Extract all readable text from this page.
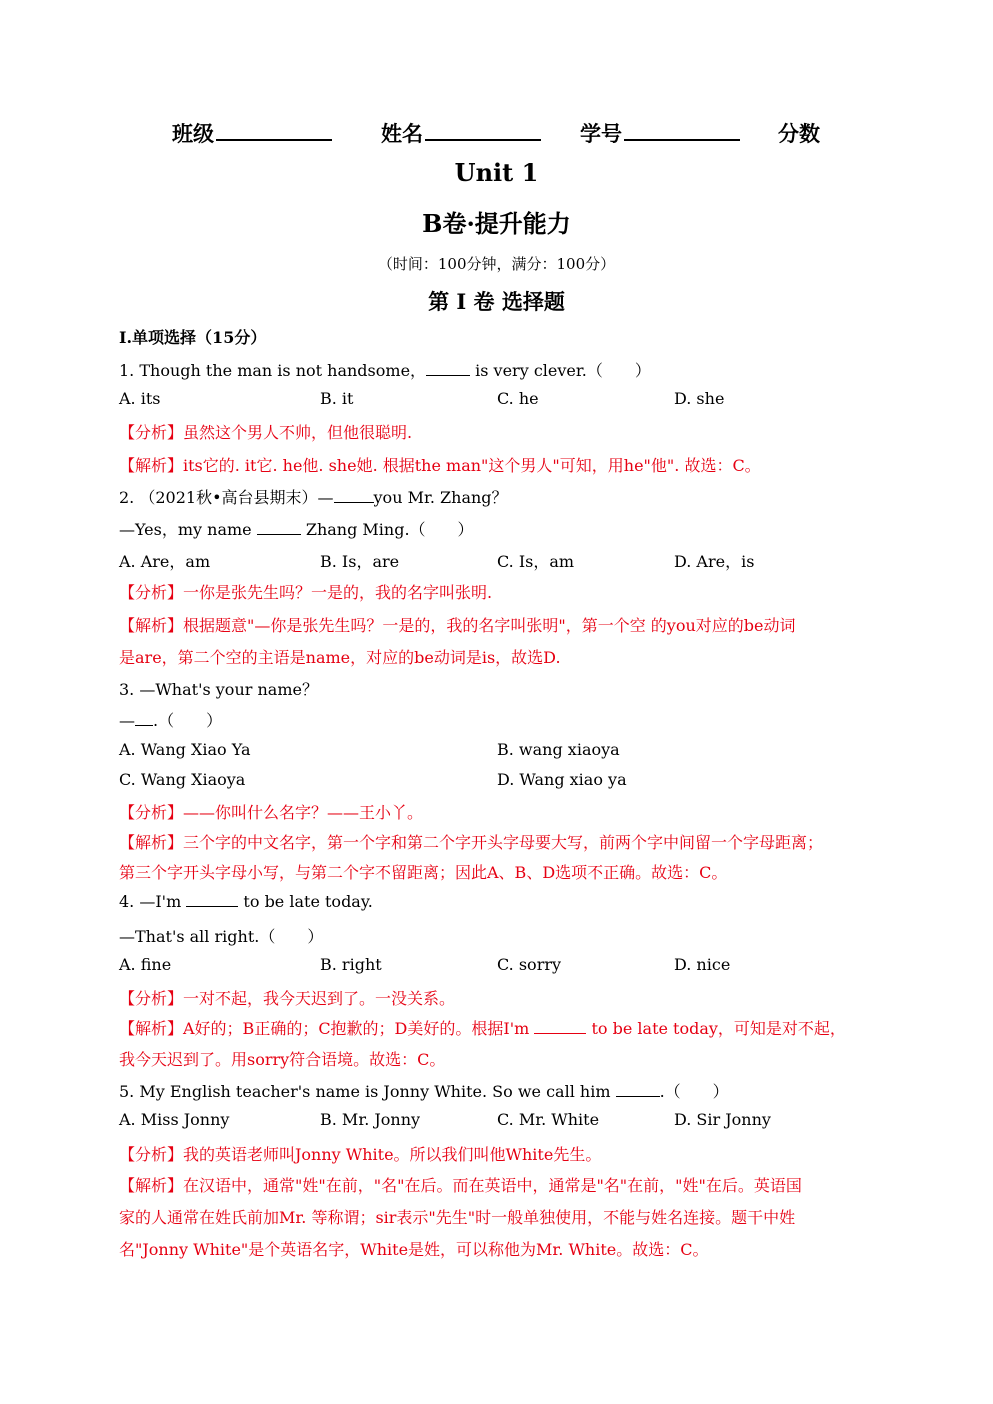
班级	姓名	学号	分数
Unit 1
B卷·提升能力
（时间：100分钟，满分：100分）
第 I 卷 选择题
I.单项选择（15分）
1. Though the man is not handsome，	is very clever.（　　）
A. its	B. it	C. he	D. she
【分析】虽然这个男人不帅，但他很聪明.
【解析】its它的. it它. he他. she她. 根据the man"这个男人"可知，用he"他". 故选：C。
2. （2021秋•高台县期末）—	you Mr. Zhang？
—Yes，my name	Zhang Ming.（　　）
A. Are，am	B. Is，are	C. Is，am	D. Are，is
【分析】一你是张先生吗？一是的，我的名字叫张明.
【解析】根据题意"—你是张先生吗？一是的，我的名字叫张明"，第一个空 的you对应的be动词
是are，第二个空的主语是name，对应的be动词是is，故选D.
3. —What's your name？
— .（　　）
A. Wang Xiao Ya	B. wang xiaoya
C. Wang Xiaoya	D. Wang xiao ya
【分析】——你叫什么名字？——王小丫。
【解析】三个字的中文名字，第一个字和第二个字开头字母要大写，前两个字中间留一个字母距离；
第三个字开头字母小写，与第二个字不留距离；因此A、B、D选项不正确。故选：C。
4. —I'm	to be late today.
—That's all right.（　　）
A. fine	B. right	C. sorry	D. nice
【分析】一对不起，我今天迟到了。一没关系。
【解析】A好的；B正确的；C抱歉的；D美好的。根据I'm	to be late today，可知是对不起，
我今天迟到了。用sorry符合语境。故选：C。
5. My English teacher's name is Jonny White. So we call him	.（　　）
A. Miss Jonny	B. Mr. Jonny	C. Mr. White	D. Sir Jonny
【分析】我的英语老师叫Jonny White。所以我们叫他White先生。
【解析】在汉语中，通常"姓"在前，"名"在后。而在英语中，通常是"名"在前，"姓"在后。英语国
家的人通常在姓氏前加Mr. 等称谓；sir表示"先生"时一般单独使用，不能与姓名连接。题干中姓
名"Jonny White"是个英语名字，White是姓，可以称他为Mr. White。故选：C。
